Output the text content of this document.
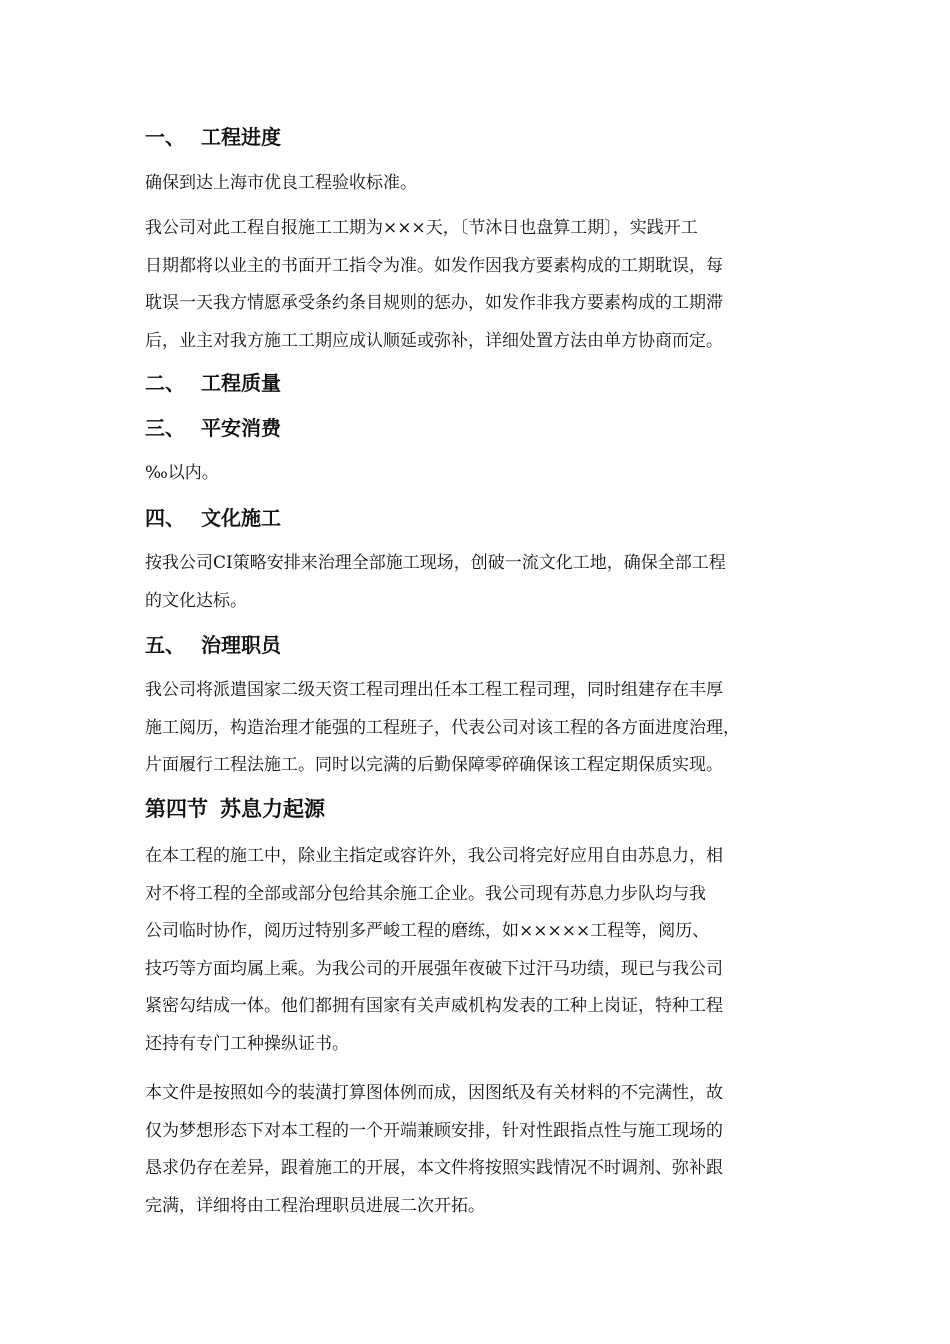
一、 工程进度
确保到达上海市优良工程验收标准。
我公司对此工程自报施工工期为×××天，〔节沐日也盘算工期〕，实践开工
日期都将以业主的书面开工指令为准。如发作因我方要素构成的工期耽误，每
耽误一天我方情愿承受条约条目规则的惩办，如发作非我方要素构成的工期滞
后，业主对我方施工工期应成认顺延或弥补，详细处置方法由单方协商而定。
二、 工程质量
三、 平安消费
‰以内。
四、 文化施工
按我公司CI策略安排来治理全部施工现场，创破一流文化工地，确保全部工程
的文化达标。
五、 治理职员
我公司将派遣国家二级天资工程司理出任本工程工程司理，同时组建存在丰厚
施工阅历，构造治理才能强的工程班子，代表公司对该工程的各方面进度治理，
片面履行工程法施工。同时以完满的后勤保障零碎确保该工程定期保质实现。
第四节 苏息力起源
在本工程的施工中，除业主指定或容许外，我公司将完好应用自由苏息力，相
对不将工程的全部或部分包给其余施工企业。我公司现有苏息力步队均与我
公司临时协作，阅历过特别多严峻工程的磨练，如×××××工程等，阅历、
技巧等方面均属上乘。为我公司的开展强年夜破下过汗马功绩，现已与我公司
紧密勾结成一体。他们都拥有国家有关声威机构发表的工种上岗证，特种工程
还持有专门工种操纵证书。
本文件是按照如今的装潢打算图体例而成，因图纸及有关材料的不完满性，故
仅为梦想形态下对本工程的一个开端兼顾安排，针对性跟指点性与施工现场的
恳求仍存在差异，跟着施工的开展，本文件将按照实践情况不时调剂、弥补跟
完满，详细将由工程治理职员进展二次开拓。
